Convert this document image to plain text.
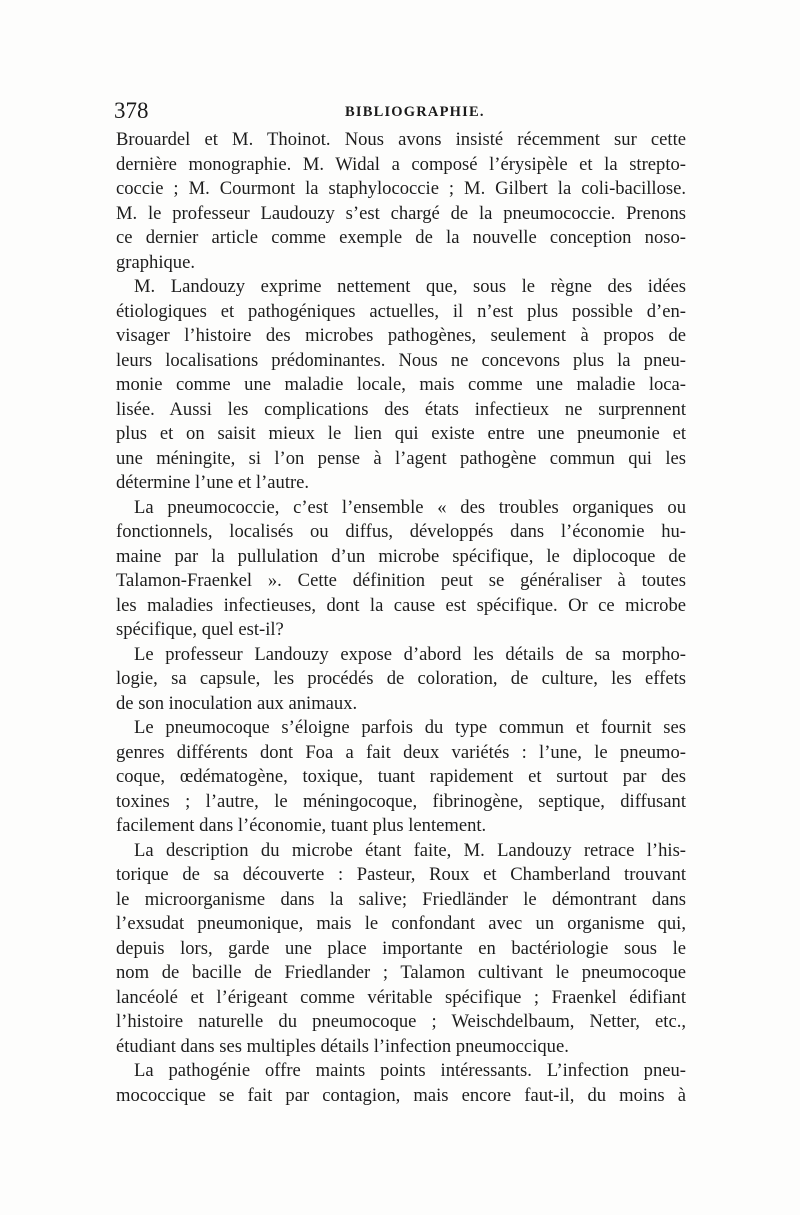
378	BIBLIOGRAPHIE.
Brouardel et M. Thoinot. Nous avons insisté récemment sur cette
dernière monographie. M. Widal a composé l’érysipèle et la strepto-
coccie ; M. Courmont la staphylococcie ; M. Gilbert la coli-bacillose.
M. le professeur Laudouzy s’est chargé de la pneumococcie. Prenons
ce dernier article comme exemple de la nouvelle conception noso-
graphique.
M. Landouzy exprime nettement que, sous le règne des idées
étiologiques et pathogéniques actuelles, il n’est plus possible d’en-
visager l’histoire des microbes pathogènes, seulement à propos de
leurs localisations prédominantes. Nous ne concevons plus la pneu-
monie comme une maladie locale, mais comme une maladie loca-
lisée. Aussi les complications des états infectieux ne surprennent
plus et on saisit mieux le lien qui existe entre une pneumonie et
une méningite, si l’on pense à l’agent pathogène commun qui les
détermine l’une et l’autre.
La pneumococcie, c’est l’ensemble « des troubles organiques ou
fonctionnels, localisés ou diffus, développés dans l’économie hu-
maine par la pullulation d’un microbe spécifique, le diplocoque de
Talamon-Fraenkel ». Cette définition peut se généraliser à toutes
les maladies infectieuses, dont la cause est spécifique. Or ce microbe
spécifique, quel est-il?
Le professeur Landouzy expose d’abord les détails de sa morpho-
logie, sa capsule, les procédés de coloration, de culture, les effets
de son inoculation aux animaux.
Le pneumocoque s’éloigne parfois du type commun et fournit ses
genres différents dont Foa a fait deux variétés : l’une, le pneumo-
coque, œdématogène, toxique, tuant rapidement et surtout par des
toxines ; l’autre, le méningocoque, fibrinogène, septique, diffusant
facilement dans l’économie, tuant plus lentement.
La description du microbe étant faite, M. Landouzy retrace l’his-
torique de sa découverte : Pasteur, Roux et Chamberland trouvant
le microorganisme dans la salive; Friedländer le démontrant dans
l’exsudat pneumonique, mais le confondant avec un organisme qui,
depuis lors, garde une place importante en bactériologie sous le
nom de bacille de Friedlander ; Talamon cultivant le pneumocoque
lancéolé et l’érigeant comme véritable spécifique ; Fraenkel édifiant
l’histoire naturelle du pneumocoque ; Weischdelbaum, Netter, etc.,
étudiant dans ses multiples détails l’infection pneumoccique.
La pathogénie offre maints points intéressants. L’infection pneu-
mococcique se fait par contagion, mais encore faut-il, du moins à
